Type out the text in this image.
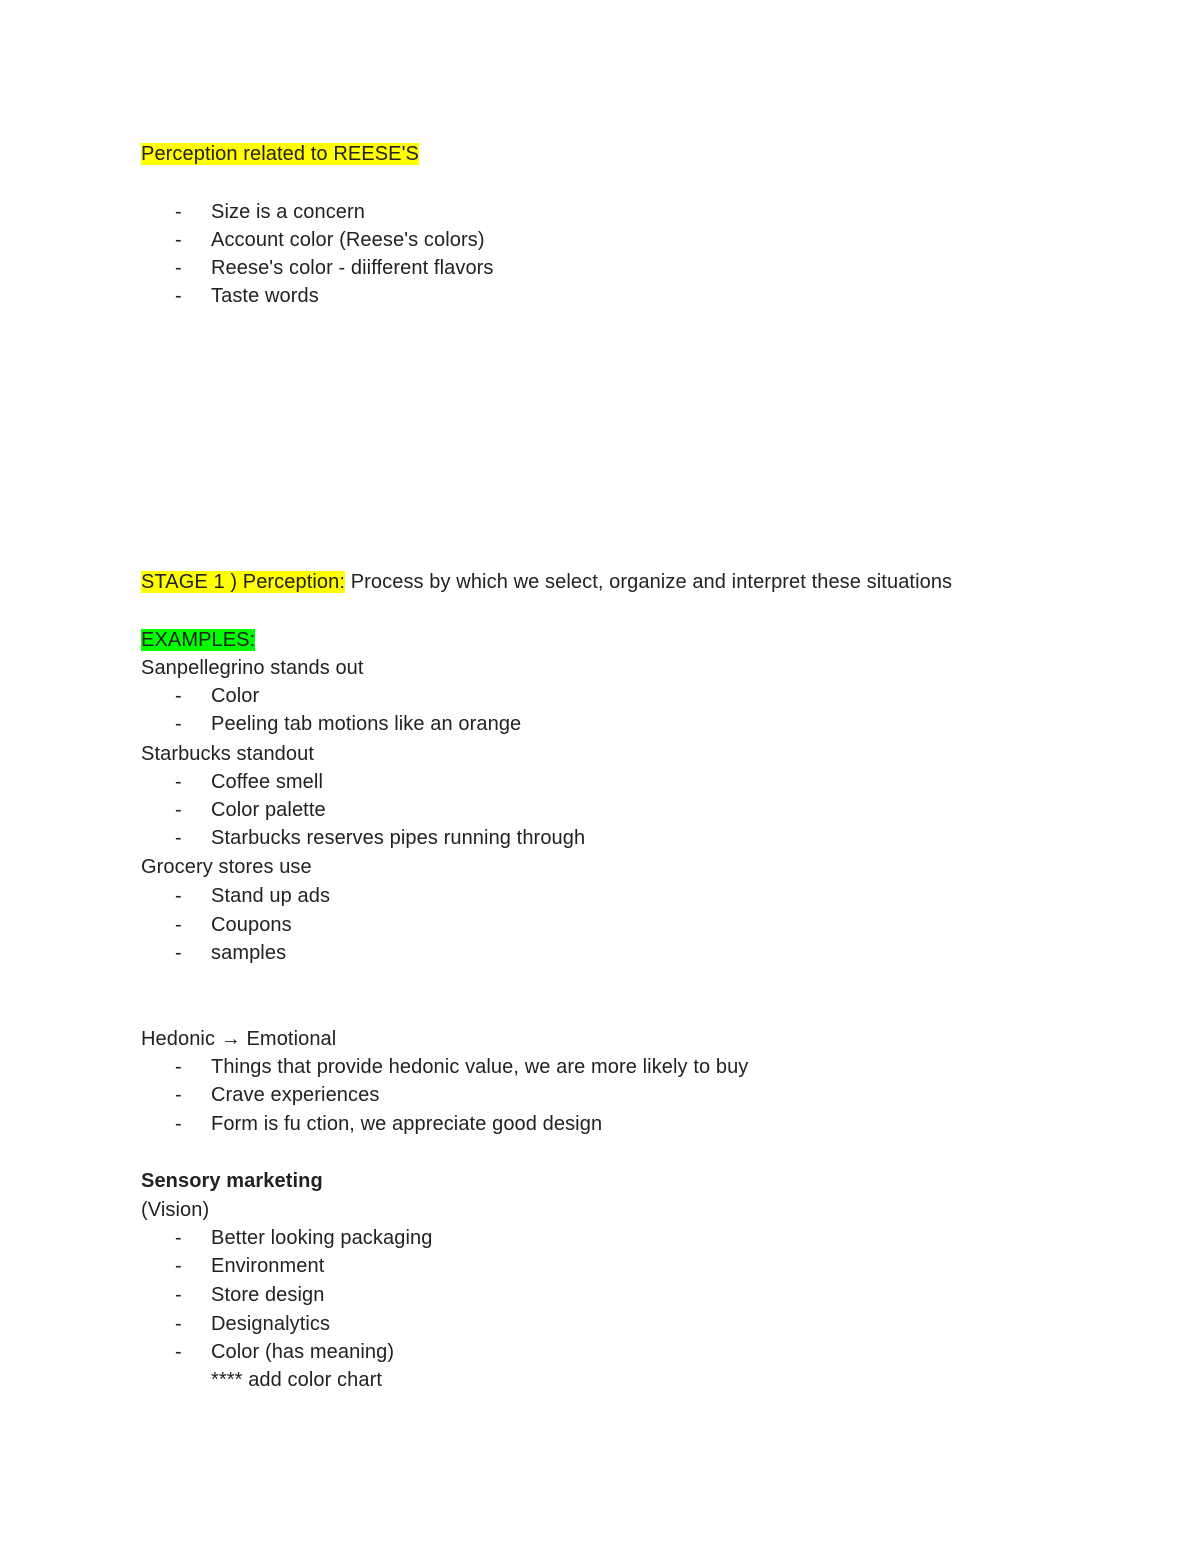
Perception related to REESE'S
- Size is a concern
- Account color (Reese's colors)
- Reese's color - diifferent flavors
- Taste words
STAGE 1 ) Perception: Process by which we select, organize and interpret these situations
EXAMPLES:
Sanpellegrino stands out
- Color
- Peeling tab motions like an orange
Starbucks standout
- Coffee smell
- Color palette
- Starbucks reserves pipes running through
Grocery stores use
- Stand up ads
- Coupons
- samples
Hedonic → Emotional
- Things that provide hedonic value, we are more likely to buy
- Crave experiences
- Form is fu ction, we appreciate good design
Sensory marketing
(Vision)
- Better looking packaging
- Environment
- Store design
- Designalytics
- Color (has meaning)
**** add color chart
